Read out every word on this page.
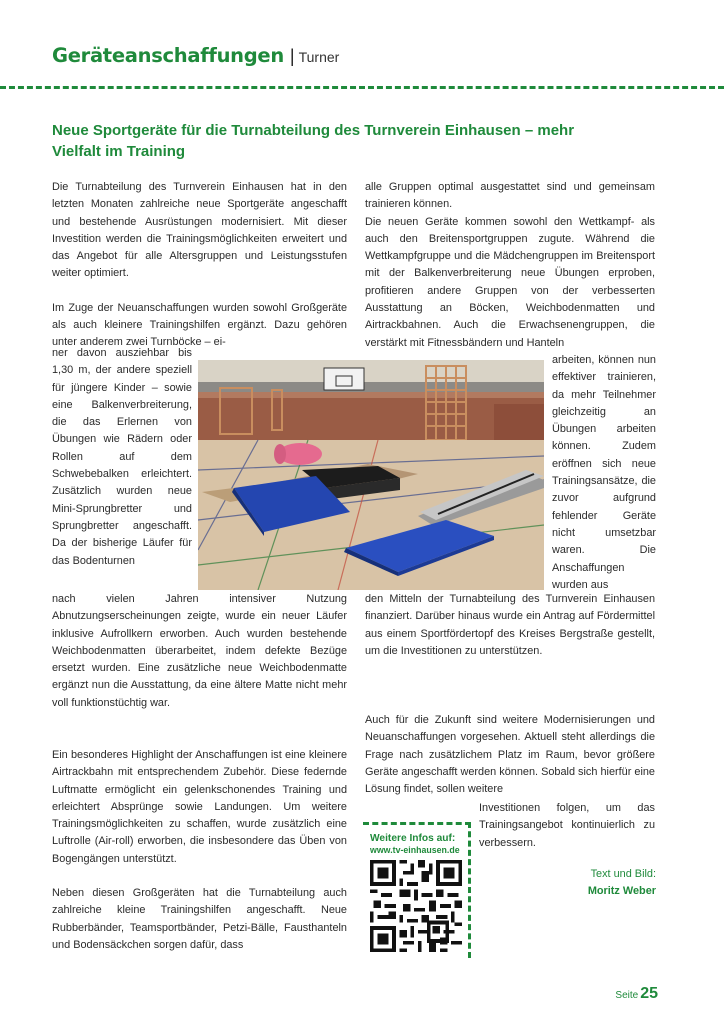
Geräteanschaffungen | Turner
Neue Sportgeräte für die Turnabteilung des Turnverein Einhausen – mehr Vielfalt im Training

Die Turnabteilung des Turnverein Einhausen hat in den letzten Monaten zahlreiche neue Sportgeräte angeschafft und bestehende Ausrüstungen modernisiert. Mit dieser Investition werden die Trainingsmöglichkeiten erweitert und das Angebot für alle Altersgruppen und Leistungsstufen weiter optimiert.

Im Zuge der Neuanschaffungen wurden sowohl Großgeräte als auch kleinere Trainingshilfen ergänzt. Dazu gehören unter anderem zwei Turnböcke – ei-

ner davon ausziehbar bis 1,30 m, der andere speziell für jüngere Kinder – sowie eine Balkenverbreiterung, die das Erlernen von Übungen wie Rädern oder Rollen auf dem Schwebebalken erleichtert. Zusätzlich wurden neue Mini-Sprungbretter und Sprungbretter angeschafft. Da der bisherige Läufer für das Bodenturnen

nach vielen Jahren intensiver Nutzung Abnutzungserscheinungen zeigte, wurde ein neuer Läufer inklusive Aufrollkern erworben. Auch wurden bestehende Weichbodenmatten überarbeitet, indem defekte Bezüge ersetzt wurden. Eine zusätzliche neue Weichbodenmatte ergänzt nun die Ausstattung, da eine ältere Matte nicht mehr voll funktionstüchtig war.

Ein besonderes Highlight der Anschaffungen ist eine kleinere Airtrackbahn mit entsprechendem Zubehör. Diese federnde Luftmatte ermöglicht ein gelenkschonendes Training und erleichtert Absprünge sowie Landungen. Um weitere Trainingsmöglichkeiten zu schaffen, wurde zusätzlich eine Luftrolle (Air-roll) erworben, die insbesondere das Üben von Bogengängen unterstützt.

Neben diesen Großgeräten hat die Turnabteilung auch zahlreiche kleine Trainingshilfen angeschafft. Neue Rubberbänder, Teamsportbänder, Petzi-Bälle, Fausthanteln und Bodensäckchen sorgen dafür, dass

alle Gruppen optimal ausgestattet sind und gemeinsam trainieren können.

Die neuen Geräte kommen sowohl den Wettkampf- als auch den Breitensportgruppen zugute. Während die Wettkampfgruppe und die Mädchengruppen im Breitensport mit der Balkenverbreiterung neue Übungen erproben, profitieren andere Gruppen von der verbesserten Ausstattung an Böcken, Weichbodenmatten und Airtrackbahnen. Auch die Erwachsenengruppen, die verstärkt mit Fitnessbändern und Hanteln

arbeiten, können nun effektiver trainieren, da mehr Teilnehmer gleichzeitig an Übungen arbeiten können. Zudem eröffnen sich neue Trainingsansätze, die zuvor aufgrund fehlender Geräte nicht umsetzbar waren. Die Anschaffungen wurden aus

den Mitteln der Turnabteilung des Turnverein Einhausen finanziert. Darüber hinaus wurde ein Antrag auf Fördermittel aus einem Sportfördertopf des Kreises Bergstraße gestellt, um die Investitionen zu unterstützen.

Auch für die Zukunft sind weitere Modernisierungen und Neuanschaffungen vorgesehen. Aktuell steht allerdings die Frage nach zusätzlichem Platz im Raum, bevor größere Geräte angeschafft werden können. Sobald sich hierfür eine Lösung findet, sollen weitere

Investitionen folgen, um das Trainingsangebot kontinuierlich zu verbessern.

Weitere Infos auf:
www.tv-einhausen.de
Text und Bild:
Moritz Weber
Seite 25
